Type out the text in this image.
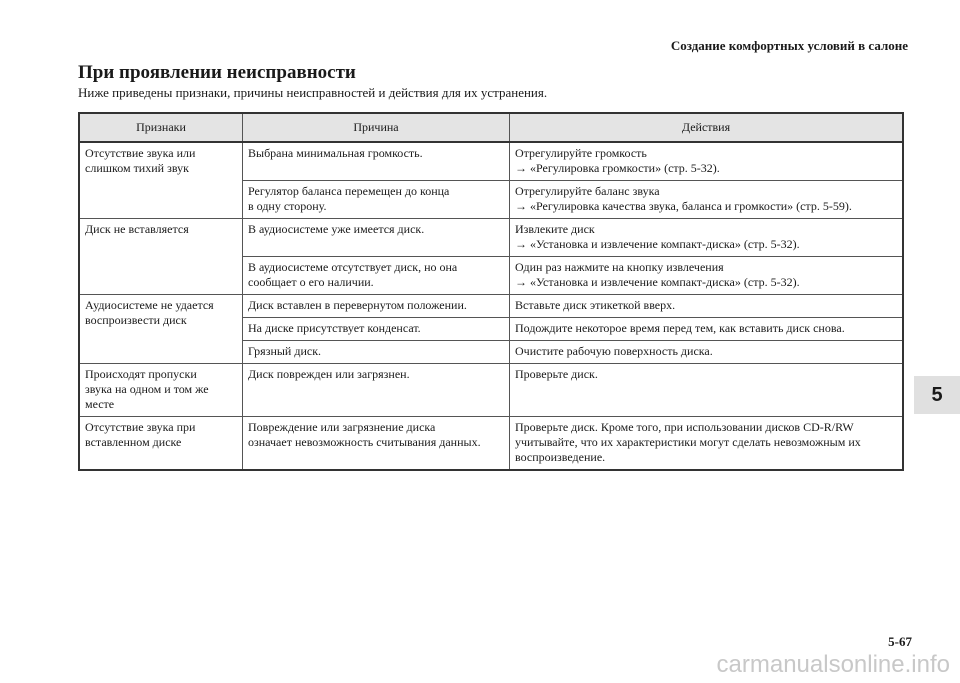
Создание комфортных условий в салоне
При проявлении неисправности

Ниже приведены признаки, причины неисправностей и действия для их устранения.

Признаки	Причина	Действия

Отсутствие звука или
слишком тихий звук	Выбрана минимальная громкость.	Отрегулируйте громкость
→ «Регулировка громкости» (стр. 5-32).

	Регулятор баланса перемещен до конца
в одну сторону.	Отрегулируйте баланс звука
→ «Регулировка качества звука, баланса и громкости» (стр. 5-59).

Диск не вставляется	В аудиосистеме уже имеется диск.	Извлеките диск
→ «Установка и извлечение компакт-диска» (стр. 5-32).

	В аудиосистеме отсутствует диск, но она
сообщает о его наличии.	Один раз нажмите на кнопку извлечения
→ «Установка и извлечение компакт-диска» (стр. 5-32).

Аудиосистеме не удается
воспроизвести диск	Диск вставлен в перевернутом положении.	Вставьте диск этикеткой вверх.

	На диске присутствует конденсат.	Подождите некоторое время перед тем, как вставить диск снова.

	Грязный диск.	Очистите рабочую поверхность диска.

Происходят пропуски
звука на одном и том же
месте	Диск поврежден или загрязнен.	Проверьте диск.

Отсутствие звука при
вставленном диске	Повреждение или загрязнение диска
означает невозможность считывания данных.	Проверьте диск. Кроме того, при использовании дисков CD-R/RW
учитывайте, что их характеристики могут сделать невозможным их
воспроизведение.
5
5-67
carmanualsonline.info
